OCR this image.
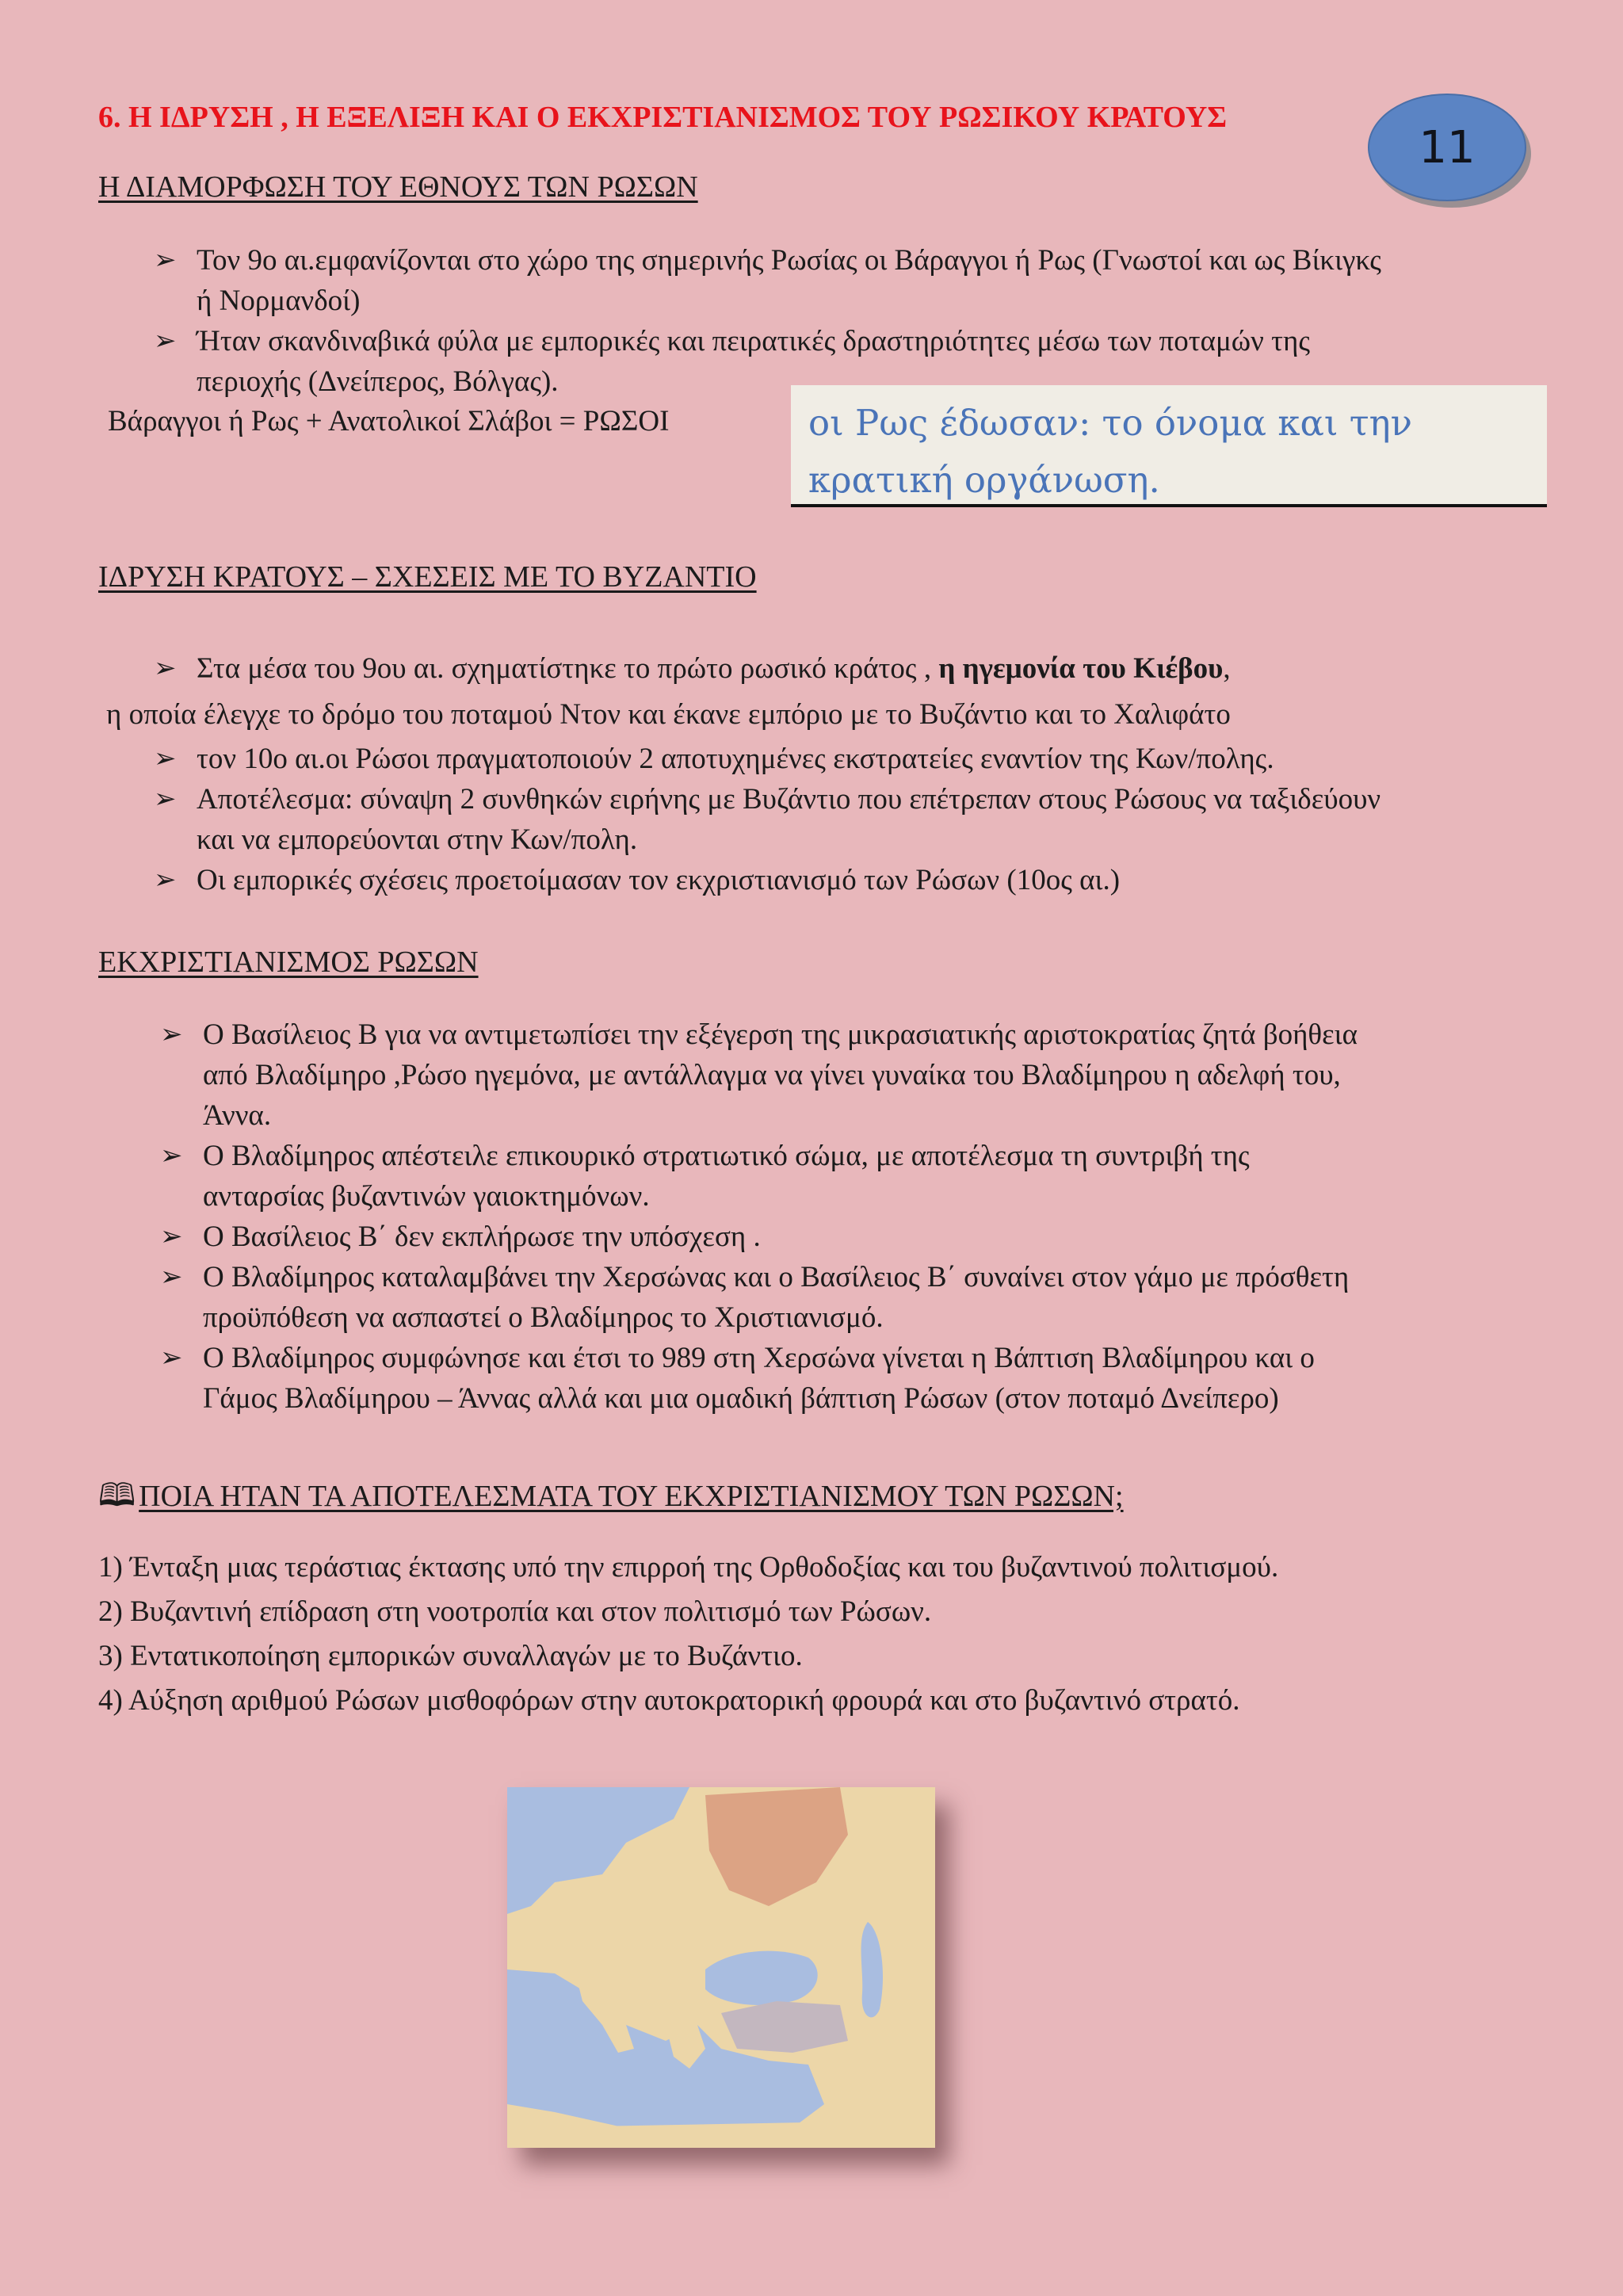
6. Η ΙΔΡΥΣΗ , Η ΕΞΕΛΙΞΗ ΚΑΙ Ο ΕΚΧΡΙΣΤΙΑΝΙΣΜΟΣ ΤΟΥ ΡΩΣΙΚΟΥ ΚΡΑΤΟΥΣ
11
Η ΔΙΑΜΟΡΦΩΣΗ ΤΟΥ ΕΘΝΟΥΣ ΤΩΝ ΡΩΣΩΝ
➢ Τον 9ο αι.εμφανίζονται στο χώρο της σημερινής Ρωσίας οι Βάραγγοι ή Ρως (Γνωστοί και ως Βίκιγκς
ή Νορμανδοί)
➢ Ήταν σκανδιναβικά φύλα με εμπορικές και πειρατικές δραστηριότητες μέσω των ποταμών της
περιοχής (Δνείπερος, Βόλγας).
Βάραγγοι ή Ρως + Ανατολικοί Σλάβοι = ΡΩΣΟΙ	οι Ρως έδωσαν: το όνομα και την
κρατική οργάνωση.
ΙΔΡΥΣΗ ΚΡΑΤΟΥΣ – ΣΧΕΣΕΙΣ ΜΕ ΤΟ ΒΥΖΑΝΤΙΟ
➢ Στα μέσα του 9ου αι. σχηματίστηκε το πρώτο ρωσικό κράτος , η ηγεμονία του Κιέβου,
η οποία έλεγχε το δρόμο του ποταμού Ντον και έκανε εμπόριο με το Βυζάντιο και το Χαλιφάτο
➢ τον 10ο αι.οι Ρώσοι πραγματοποιούν 2 αποτυχημένες εκστρατείες εναντίον της Κων/πολης.
➢ Αποτέλεσμα: σύναψη 2 συνθηκών ειρήνης με Βυζάντιο που επέτρεπαν στους Ρώσους να ταξιδεύουν
και να εμπορεύονται στην Κων/πολη.
➢ Οι εμπορικές σχέσεις προετοίμασαν τον εκχριστιανισμό των Ρώσων (10ος αι.)
ΕΚΧΡΙΣΤΙΑΝΙΣΜΟΣ ΡΩΣΩΝ
➢ Ο Βασίλειος Β για να αντιμετωπίσει την εξέγερση της μικρασιατικής αριστοκρατίας ζητά βοήθεια
από Βλαδίμηρο ,Ρώσο ηγεμόνα, με αντάλλαγμα να γίνει γυναίκα του Βλαδίμηρου η αδελφή του,
Άννα.
➢ Ο Βλαδίμηρος απέστειλε επικουρικό στρατιωτικό σώμα, με αποτέλεσμα τη συντριβή της
ανταρσίας βυζαντινών γαιοκτημόνων.
➢ Ο Βασίλειος Β΄ δεν εκπλήρωσε την υπόσχεση .
➢ Ο Βλαδίμηρος καταλαμβάνει την Χερσώνας και ο Βασίλειος Β΄ συναίνει στον γάμο με πρόσθετη
προϋπόθεση να ασπαστεί ο Βλαδίμηρος το Χριστιανισμό.
➢ Ο Βλαδίμηρος συμφώνησε και έτσι το 989 στη Χερσώνα γίνεται η Βάπτιση Βλαδίμηρου και ο
Γάμος Βλαδίμηρου – Άννας αλλά και μια ομαδική βάπτιση Ρώσων (στον ποταμό Δνείπερο)
🕮 ΠΟΙΑ ΗΤΑΝ ΤΑ ΑΠΟΤΕΛΕΣΜΑΤΑ ΤΟΥ ΕΚΧΡΙΣΤΙΑΝΙΣΜΟΥ ΤΩΝ ΡΩΣΩΝ;
1) Ένταξη μιας τεράστιας έκτασης υπό την επιρροή της Ορθοδοξίας και του βυζαντινού πολιτισμού.
2) Βυζαντινή επίδραση στη νοοτροπία και στον πολιτισμό των Ρώσων.
3) Εντατικοποίηση εμπορικών συναλλαγών με το Βυζάντιο.
4) Αύξηση αριθμού Ρώσων μισθοφόρων στην αυτοκρατορική φρουρά και στο βυζαντινό στρατό.
